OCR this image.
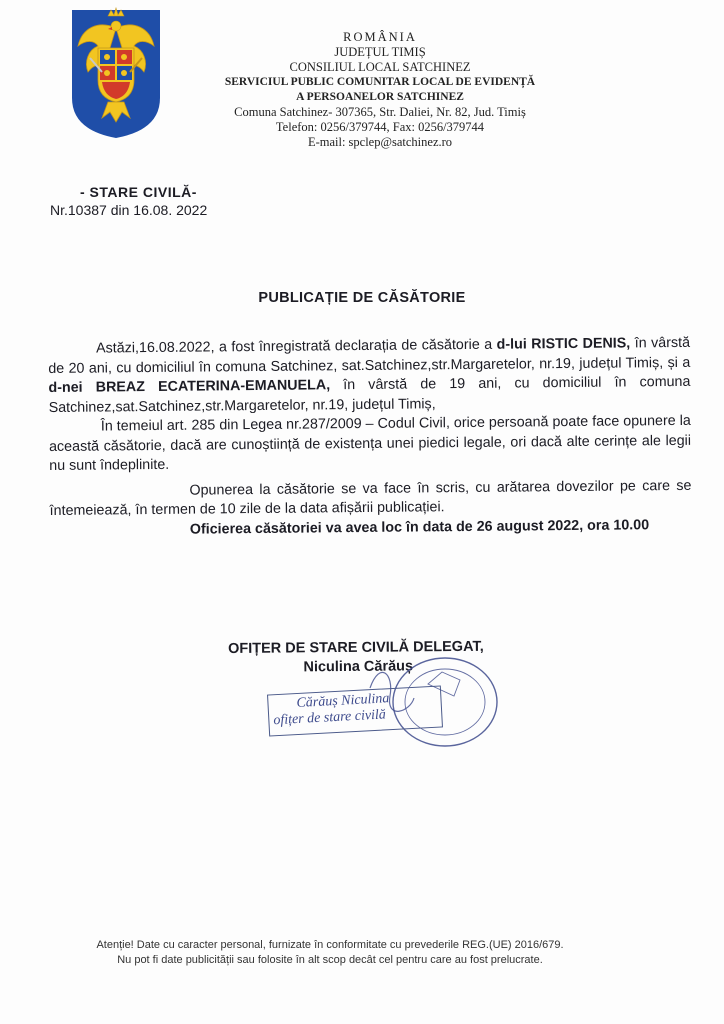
ROMÂNIA
JUDEȚUL TIMIȘ
CONSILIUL LOCAL SATCHINEZ
SERVICIUL PUBLIC COMUNITAR LOCAL DE EVIDENȚĂ
A PERSOANELOR SATCHINEZ
Comuna Satchinez- 307365, Str. Daliei, Nr. 82, Jud. Timiș
Telefon: 0256/379744, Fax: 0256/379744
E-mail: spclep@satchinez.ro
- STARE CIVILĂ-
Nr.10387 din 16.08. 2022
PUBLICAȚIE DE CĂSĂTORIE

Astăzi,16.08.2022, a fost înregistrată declarația de căsătorie a d-lui RISTIC DENIS, în vârstă de 20 ani, cu domiciliul în comuna Satchinez, sat.Satchinez,str.Margaretelor, nr.19, județul Timiș, și a d-nei BREAZ ECATERINA-EMANUELA, în vârstă de 19 ani, cu domiciliul în comuna Satchinez,sat.Satchinez,str.Margaretelor, nr.19, județul Timiș,

În temeiul art. 285 din Legea nr.287/2009 – Codul Civil, orice persoană poate face opunere la această căsătorie, dacă are cunoștiință de existența unei piedici legale, ori dacă alte cerințe ale legii nu sunt îndeplinite.

Opunerea la căsătorie se va face în scris, cu arătarea dovezilor pe care se întemeiează, în termen de 10 zile de la data afișării publicației.

Oficierea căsătoriei va avea loc în data de 26 august 2022, ora 10.00

OFIȚER DE STARE CIVILĂ DELEGAT,
Niculina Cărăuș
Cărăuș Niculina
ofițer de stare civilă
Atenție! Date cu caracter personal, furnizate în conformitate cu prevederile REG.(UE) 2016/679.
Nu pot fi date publicității sau folosite în alt scop decât cel pentru care au fost prelucrate.
